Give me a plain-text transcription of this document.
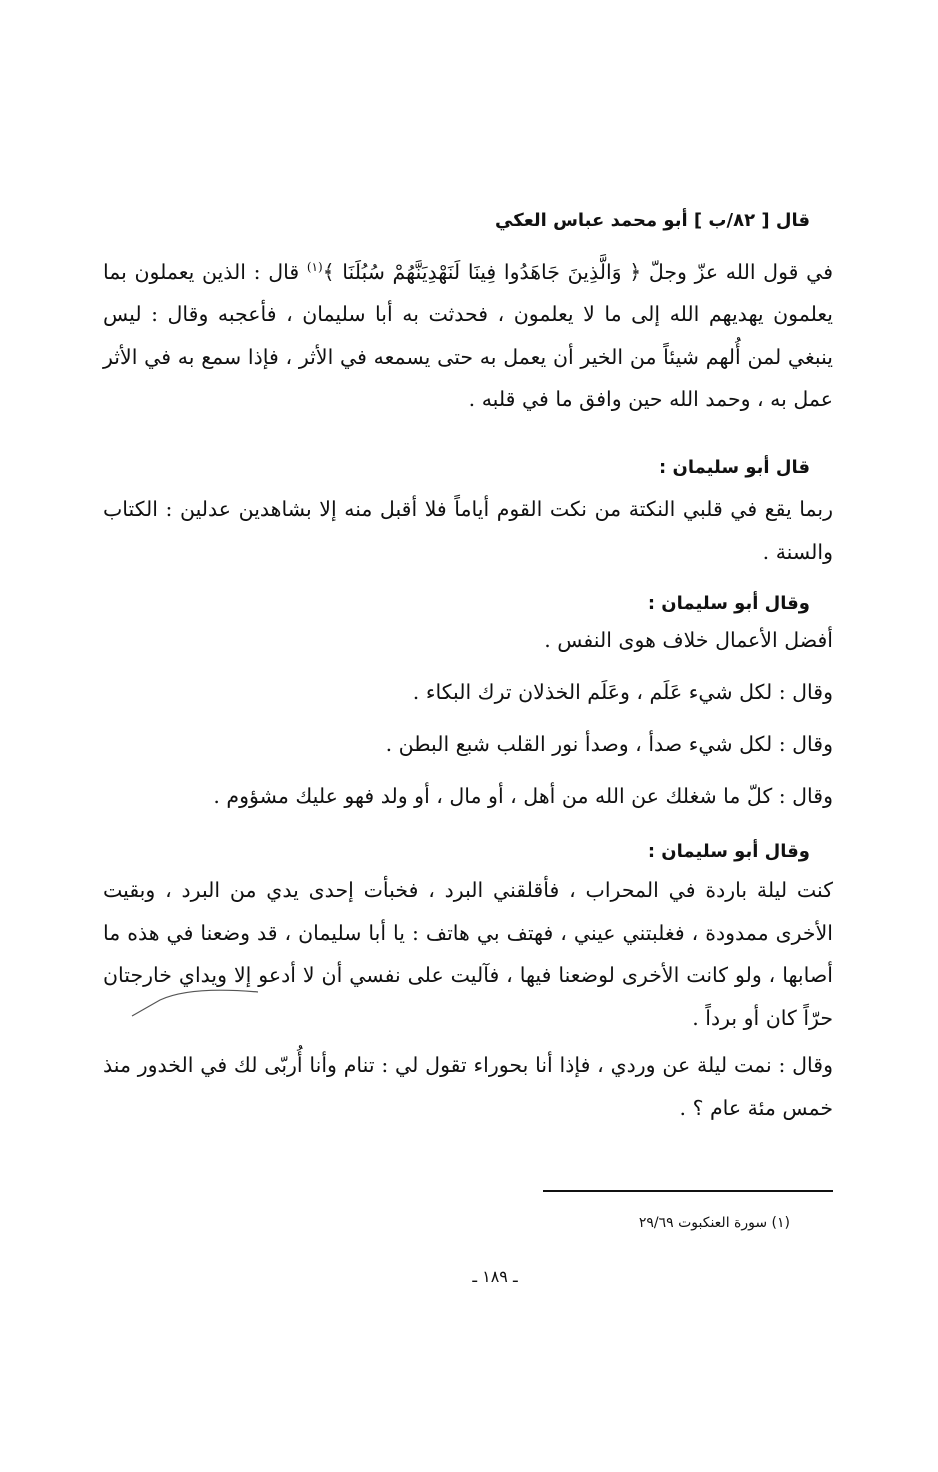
قال [ ٨٢/ب ] أبو محمد عباس العكي
في قول الله عزّ وجلّ ﴿ وَالَّذِينَ جَاهَدُوا فِينَا لَنَهْدِيَنَّهُمْ سُبُلَنَا ﴾$^{(١)}$ قال : الذين يعملون بما يعلمون يهديهم الله إلى ما لا يعلمون ، فحدثت به أبا سليمان ، فأعجبه وقال : ليس ينبغي لمن أُلهم شيئاً من الخير أن يعمل به حتى يسمعه في الأثر ، فإذا سمع به في الأثر عمل به ، وحمد الله حين وافق ما في قلبه .
قال أبو سليمان :
ربما يقع في قلبي النكتة من نكت القوم أياماً فلا أقبل منه إلا بشاهدين عدلين : الكتاب والسنة .
وقال أبو سليمان :
أفضل الأعمال خلاف هوى النفس .
وقال : لكل شيء عَلَم ، وعَلَم الخذلان ترك البكاء .
وقال : لكل شيء صدأ ، وصدأ نور القلب شبع البطن .
وقال : كلّ ما شغلك عن الله من أهل ، أو مال ، أو ولد فهو عليك مشؤوم .
وقال أبو سليمان :
كنت ليلة باردة في المحراب ، فأقلقني البرد ، فخبأت إحدى يدي من البرد ، وبقيت الأخرى ممدودة ، فغلبتني عيني ، فهتف بي هاتف : يا أبا سليمان ، قد وضعنا في هذه ما أصابها ، ولو كانت الأخرى لوضعنا فيها ، فآليت على نفسي أن لا أدعو إلا ويداي خارجتان حرّاً كان أو برداً .
وقال : نمت ليلة عن وردي ، فإذا أنا بحوراء تقول لي : تنام وأنا أُربّى لك في الخدور منذ خمس مئة عام ؟ .
(١) سورة العنكبوت ٢٩/٦٩
ـ ١٨٩ ـ
